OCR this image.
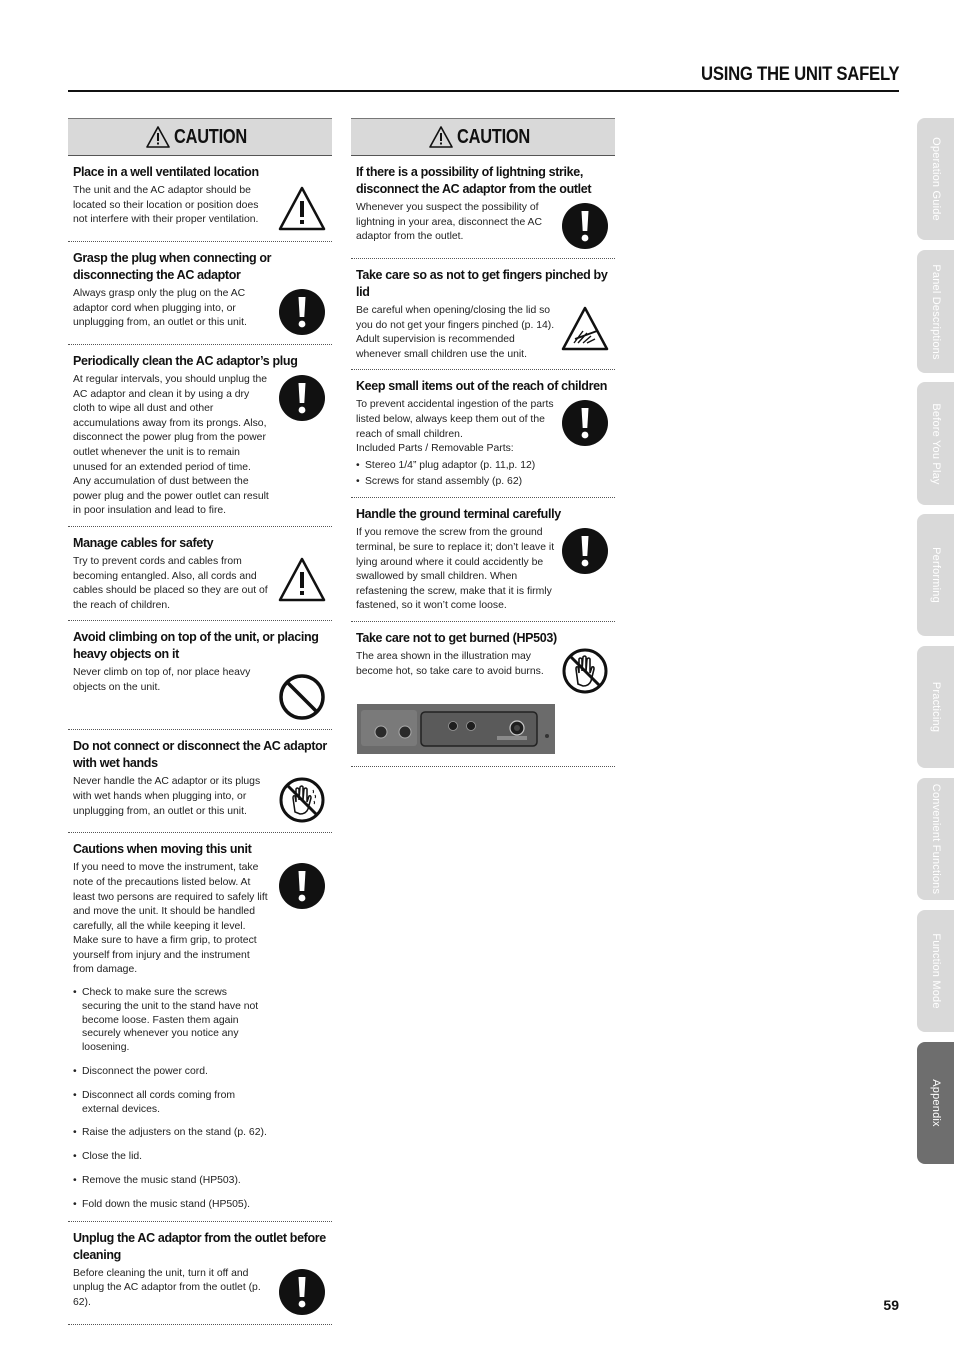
USING THE UNIT SAFELY
CAUTION
Place in a well ventilated location
The unit and the AC adaptor should be located so their location or position does not interfere with their proper ventilation.
Grasp the plug when connecting or disconnecting the AC adaptor
Always grasp only the plug on the AC adaptor cord when plugging into, or unplugging from, an outlet or this unit.
Periodically clean the AC adaptor’s plug
At regular intervals, you should unplug the AC adaptor and clean it by using a dry cloth to wipe all dust and other accumulations away from its prongs. Also, disconnect the power plug from the power outlet whenever the unit is to remain unused for an extended period of time. Any accumulation of dust between the power plug and the power outlet can result in poor insulation and lead to fire.
Manage cables for safety
Try to prevent cords and cables from becoming entangled. Also, all cords and cables should be placed so they are out of the reach of children.
Avoid climbing on top of the unit, or placing heavy objects on it
Never climb on top of, nor place heavy objects on the unit.
Do not connect or disconnect the AC adaptor with wet hands
Never handle the AC adaptor or its plugs with wet hands when plugging into, or unplugging from, an outlet or this unit.
Cautions when moving this unit
If you need to move the instrument, take note of the precautions listed below. At least two persons are required to safely lift and move the unit. It should be handled carefully, all the while keeping it level. Make sure to have a firm grip, to protect yourself from injury and the instrument from damage.
• Check to make sure the screws securing the unit to the stand have not become loose. Fasten them again securely whenever you notice any loosening.
• Disconnect the power cord.
• Disconnect all cords coming from external devices.
• Raise the adjusters on the stand (p. 62).
• Close the lid.
• Remove the music stand (HP503).
• Fold down the music stand (HP505).
Unplug the AC adaptor from the outlet before cleaning
Before cleaning the unit, turn it off and unplug the AC adaptor from the outlet (p. 62).
CAUTION
If there is a possibility of lightning strike, disconnect the AC adaptor from the outlet
Whenever you suspect the possibility of lightning in your area, disconnect the AC adaptor from the outlet.
Take care so as not to get fingers pinched by lid
Be careful when opening/closing the lid so you do not get your fingers pinched (p. 14). Adult supervision is recommended whenever small children use the unit.
Keep small items out of the reach of children
To prevent accidental ingestion of the parts listed below, always keep them out of the reach of small children.
Included Parts / Removable Parts:
• Stereo 1/4” plug adaptor (p. 11,p. 12)
• Screws for stand assembly (p. 62)
Handle the ground terminal carefully
If you remove the screw from the ground terminal, be sure to replace it; don’t leave it lying around where it could accidently be swallowed by small children. When refastening the screw, make that it is firmly fastened, so it won’t come loose.
Take care not to get burned (HP503)
The area shown in the illustration may become hot, so take care to avoid burns.
Operation Guide
Panel Descriptions
Before You Play
Performing
Practicing
Convenient Functions
Function Mode
Appendix
59
